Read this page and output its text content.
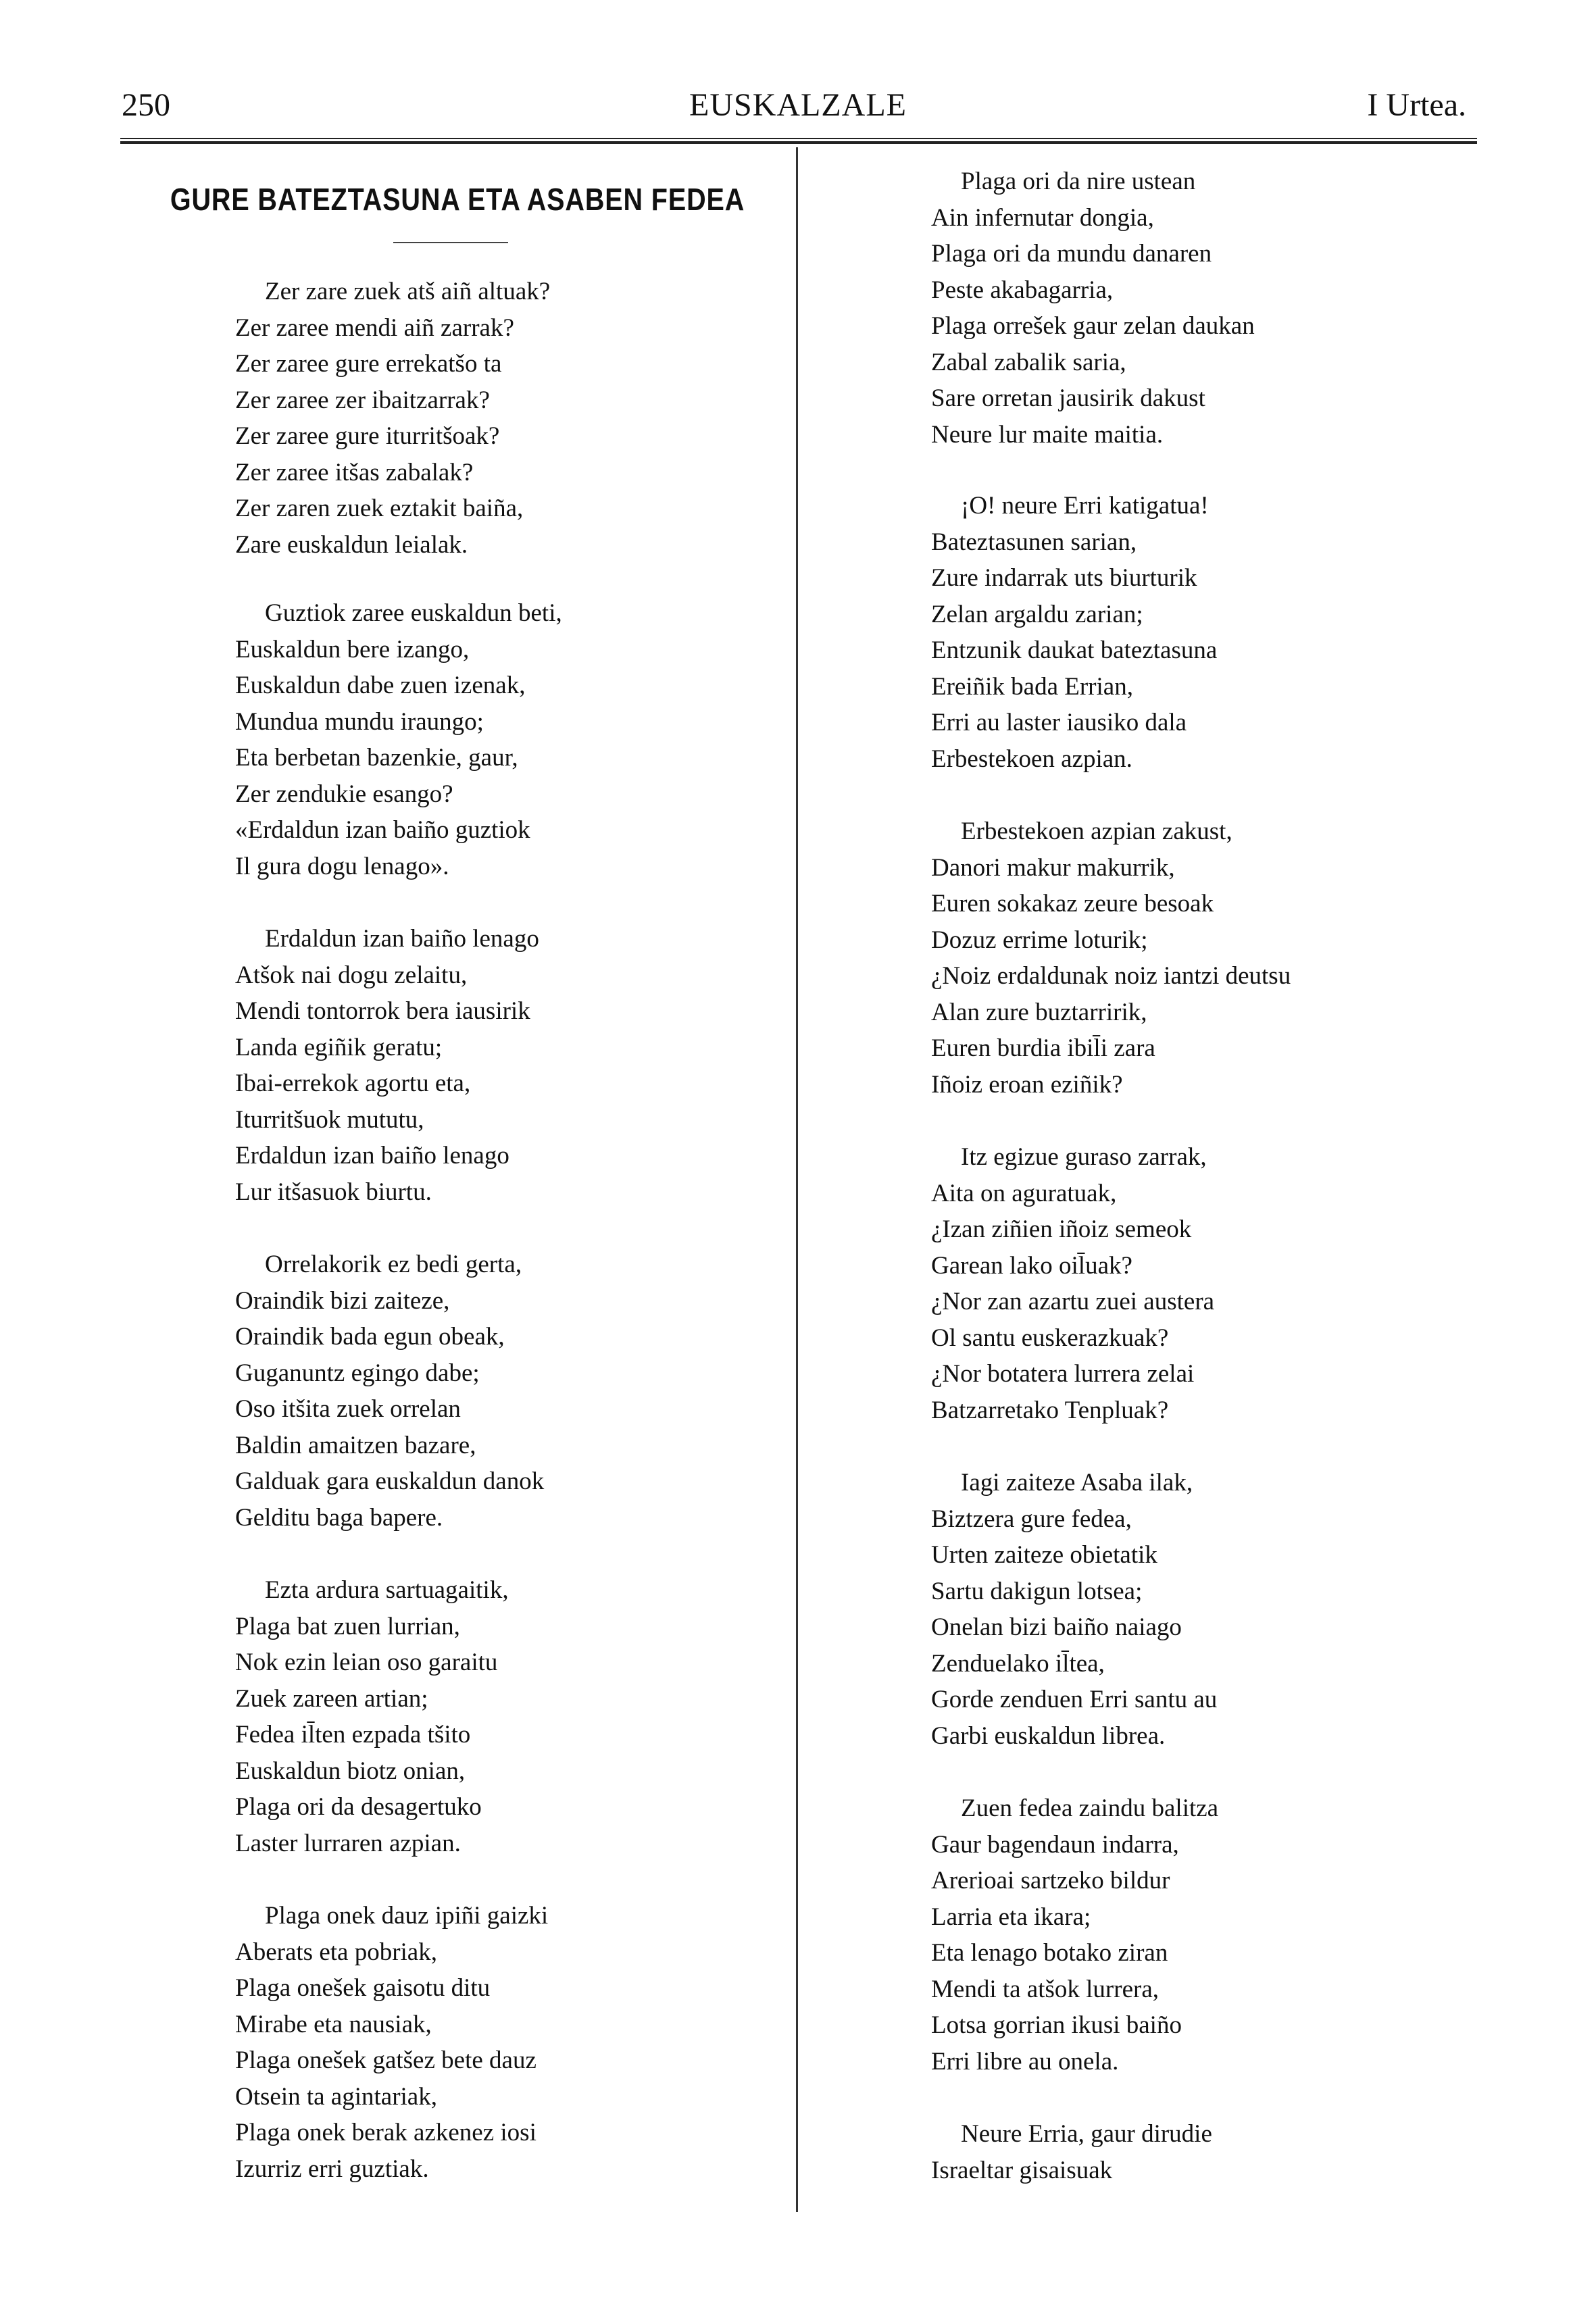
250	EUSKALZALE	I Urtea.
GURE BATEZTASUNA ETA ASABEN FEDEA
Zer zare zuek atš aiñ altuak?
Zer zaree mendi aiñ zarrak?
Zer zaree gure errekatšo ta
Zer zaree zer ibaitzarrak?
Zer zaree gure iturritšoak?
Zer zaree itšas zabalak?
Zer zaren zuek eztakit baiña,
Zare euskaldun leialak.
Guztiok zaree euskaldun beti,
Euskaldun bere izango,
Euskaldun dabe zuen izenak,
Mundua mundu iraungo;
Eta berbetan bazenkie, gaur,
Zer zendukie esango?
«Erdaldun izan baiño guztiok
Il gura dogu lenago».
Erdaldun izan baiño lenago
Atšok nai dogu zelaitu,
Mendi tontorrok bera iausirik
Landa egiñik geratu;
Ibai-errekok agortu eta,
Iturritšuok mututu,
Erdaldun izan baiño lenago
Lur itšasuok biurtu.
Orrelakorik ez bedi gerta,
Oraindik bizi zaiteze,
Oraindik bada egun obeak,
Guganuntz egingo dabe;
Oso itšita zuek orrelan
Baldin amaitzen bazare,
Galduak gara euskaldun danok
Gelditu baga bapere.
Ezta ardura sartuagaitik,
Plaga bat zuen lurrian,
Nok ezin leian oso garaitu
Zuek zareen artian;
Fedea il̄ten ezpada tšito
Euskaldun biotz onian,
Plaga ori da desagertuko
Laster lurraren azpian.
Plaga onek dauz ipiñi gaizki
Aberats eta pobriak,
Plaga onešek gaisotu ditu
Mirabe eta nausiak,
Plaga onešek gatšez bete dauz
Otsein ta agintariak,
Plaga onek berak azkenez iosi
Izurriz erri guztiak.
Plaga ori da nire ustean
Ain infernutar dongia,
Plaga ori da mundu danaren
Peste akabagarria,
Plaga orrešek gaur zelan daukan
Zabal zabalik saria,
Sare orretan jausirik dakust
Neure lur maite maitia.
¡O! neure Erri katigatua!
Bateztasunen sarian,
Zure indarrak uts biurturik
Zelan argaldu zarian;
Entzunik daukat bateztasuna
Ereiñik bada Errian,
Erri au laster iausiko dala
Erbestekoen azpian.
Erbestekoen azpian zakust,
Danori makur makurrik,
Euren sokakaz zeure besoak
Dozuz errime loturik;
¿Noiz erdaldunak noiz iantzi deutsu
Alan zure buztarririk,
Euren burdia ibil̄i zara
Iñoiz eroan eziñik?
Itz egizue guraso zarrak,
Aita on aguratuak,
¿Izan ziñien iñoiz semeok
Garean lako oil̄uak?
¿Nor zan azartu zuei austera
Ol santu euskerazkuak?
¿Nor botatera lurrera zelai
Batzarretako Tenpluak?
Iagi zaiteze Asaba ilak,
Biztzera gure fedea,
Urten zaiteze obietatik
Sartu dakigun lotsea;
Onelan bizi baiño naiago
Zenduelako il̄tea,
Gorde zenduen Erri santu au
Garbi euskaldun librea.
Zuen fedea zaindu balitza
Gaur bagendaun indarra,
Arerioai sartzeko bildur
Larria eta ikara;
Eta lenago botako ziran
Mendi ta atšok lurrera,
Lotsa gorrian ikusi baiño
Erri libre au onela.
Neure Erria, gaur dirudie
Israeltar gisaisuak
